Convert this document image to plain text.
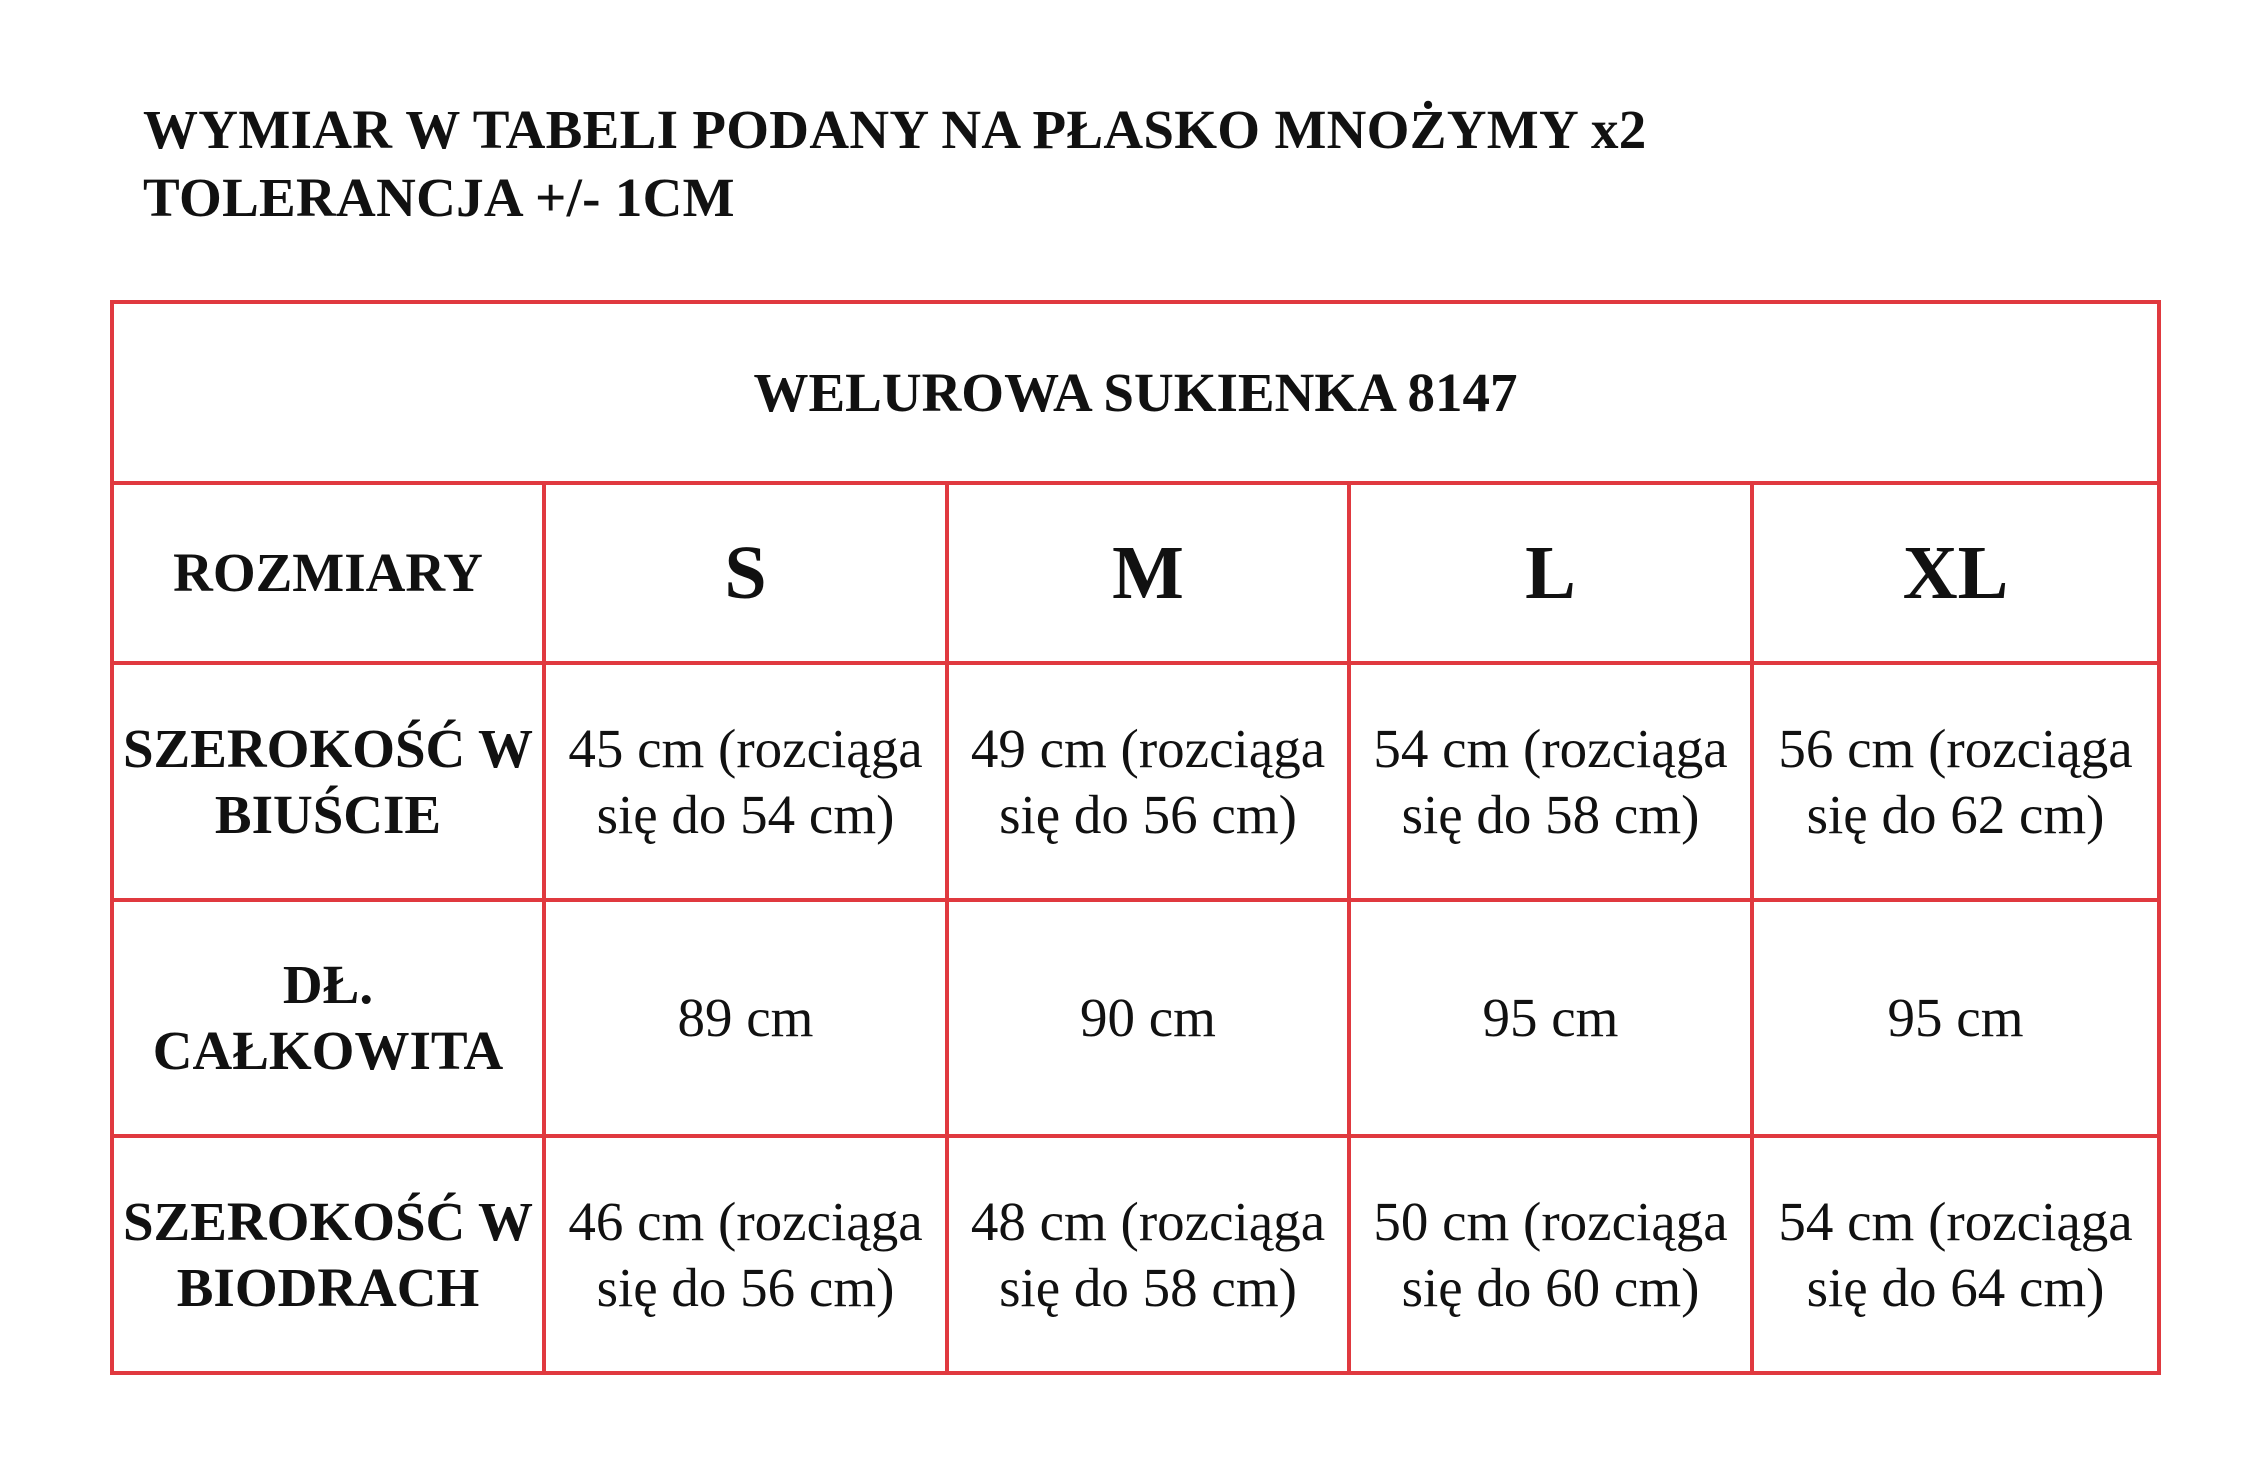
WYMIAR W TABELI PODANY NA PŁASKO MNOŻYMY x2
TOLERANCJA +/- 1CM
WELUROWA SUKIENKA 8147				
ROZMIARY	S	M	L	XL
SZEROKOŚĆ W BIUŚCIE	45 cm (rozciąga się do 54 cm)	49 cm (rozciąga się do 56 cm)	54 cm (rozciąga się do 58 cm)	56 cm (rozciąga się do 62 cm)
DŁ. CAŁKOWITA	89 cm	90 cm	95 cm	95 cm
SZEROKOŚĆ W BIODRACH	46 cm (rozciąga się do 56 cm)	48 cm (rozciąga się do 58 cm)	50 cm (rozciąga się do 60 cm)	54 cm (rozciąga się do 64 cm)
